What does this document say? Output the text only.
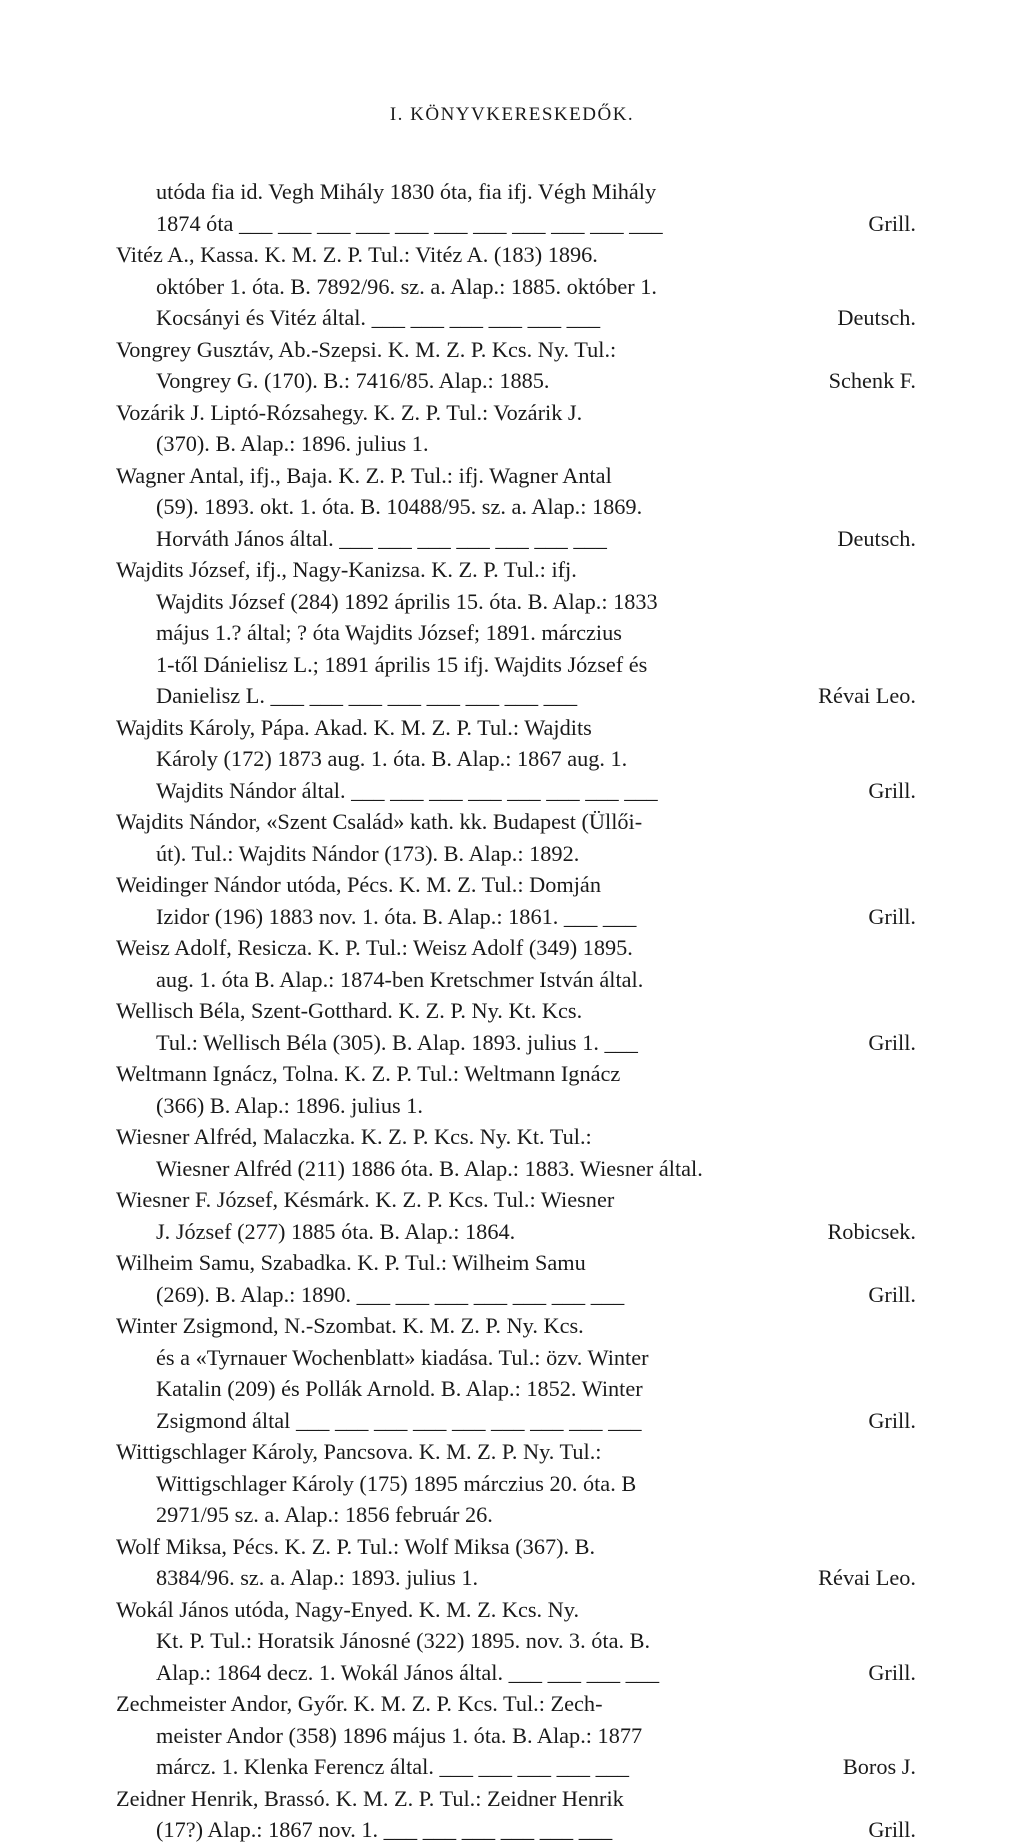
I. KÖNYVKERESKEDŐK.
utóda fia id. Vegh Mihály 1830 óta, fia ifj. Végh Mihály
1874 óta ___ ___ ___ ___ ___ ___ ___ ___ ___ ___ ___	Grill.
Vitéz A., Kassa. K. M. Z. P. Tul.: Vitéz A. (183) 1896.
október 1. óta. B. 7892/96. sz. a. Alap.: 1885. október 1.
Kocsányi és Vitéz által. ___ ___ ___ ___ ___ ___	Deutsch.
Vongrey Gusztáv, Ab.-Szepsi. K. M. Z. P. Kcs. Ny. Tul.:
Vongrey G. (170). B.: 7416/85. Alap.: 1885.	Schenk F.
Vozárik J. Liptó-Rózsahegy. K. Z. P. Tul.: Vozárik J.
(370). B. Alap.: 1896. julius 1.
Wagner Antal, ifj., Baja. K. Z. P. Tul.: ifj. Wagner Antal
(59). 1893. okt. 1. óta. B. 10488/95. sz. a. Alap.: 1869.
Horváth János által. ___ ___ ___ ___ ___ ___ ___	Deutsch.
Wajdits József, ifj., Nagy-Kanizsa. K. Z. P. Tul.: ifj.
Wajdits József (284) 1892 április 15. óta. B. Alap.: 1833
május 1.? által; ? óta Wajdits József; 1891. márczius
1-től Dánielisz L.; 1891 április 15 ifj. Wajdits József és
Danielisz L. ___ ___ ___ ___ ___ ___ ___ ___	Révai Leo.
Wajdits Károly, Pápa. Akad. K. M. Z. P. Tul.: Wajdits
Károly (172) 1873 aug. 1. óta. B. Alap.: 1867 aug. 1.
Wajdits Nándor által. ___ ___ ___ ___ ___ ___ ___ ___	Grill.
Wajdits Nándor, «Szent Család» kath. kk. Budapest (Üllői-
út). Tul.: Wajdits Nándor (173). B. Alap.: 1892.
Weidinger Nándor utóda, Pécs. K. M. Z. Tul.: Domján
Izidor (196) 1883 nov. 1. óta. B. Alap.: 1861. ___ ___	Grill.
Weisz Adolf, Resicza. K. P. Tul.: Weisz Adolf (349) 1895.
aug. 1. óta B. Alap.: 1874-ben Kretschmer István által.
Wellisch Béla, Szent-Gotthard. K. Z. P. Ny. Kt. Kcs.
Tul.: Wellisch Béla (305). B. Alap. 1893. julius 1. ___	Grill.
Weltmann Ignácz, Tolna. K. Z. P. Tul.: Weltmann Ignácz
(366) B. Alap.: 1896. julius 1.
Wiesner Alfréd, Malaczka. K. Z. P. Kcs. Ny. Kt. Tul.:
Wiesner Alfréd (211) 1886 óta. B. Alap.: 1883. Wiesner által.
Wiesner F. József, Késmárk. K. Z. P. Kcs. Tul.: Wiesner
J. József (277) 1885 óta. B. Alap.: 1864.	Robicsek.
Wilheim Samu, Szabadka. K. P. Tul.: Wilheim Samu
(269). B. Alap.: 1890. ___ ___ ___ ___ ___ ___ ___	Grill.
Winter Zsigmond, N.-Szombat. K. M. Z. P. Ny. Kcs.
és a «Tyrnauer Wochenblatt» kiadása. Tul.: özv. Winter
Katalin (209) és Pollák Arnold. B. Alap.: 1852. Winter
Zsigmond által ___ ___ ___ ___ ___ ___ ___ ___ ___	Grill.
Wittigschlager Károly, Pancsova. K. M. Z. P. Ny. Tul.:
Wittigschlager Károly (175) 1895 márczius 20. óta. B
2971/95 sz. a. Alap.: 1856 február 26.
Wolf Miksa, Pécs. K. Z. P. Tul.: Wolf Miksa (367). B.
8384/96. sz. a. Alap.: 1893. julius 1.	Révai Leo.
Wokál János utóda, Nagy-Enyed. K. M. Z. Kcs. Ny.
Kt. P. Tul.: Horatsik Jánosné (322) 1895. nov. 3. óta. B.
Alap.: 1864 decz. 1. Wokál János által. ___ ___ ___ ___	Grill.
Zechmeister Andor, Győr. K. M. Z. P. Kcs. Tul.: Zech-
meister Andor (358) 1896 május 1. óta. B. Alap.: 1877
márcz. 1. Klenka Ferencz által. ___ ___ ___ ___ ___	Boros J.
Zeidner Henrik, Brassó. K. M. Z. P. Tul.: Zeidner Henrik
(17?) Alap.: 1867 nov. 1. ___ ___ ___ ___ ___ ___	Grill.
